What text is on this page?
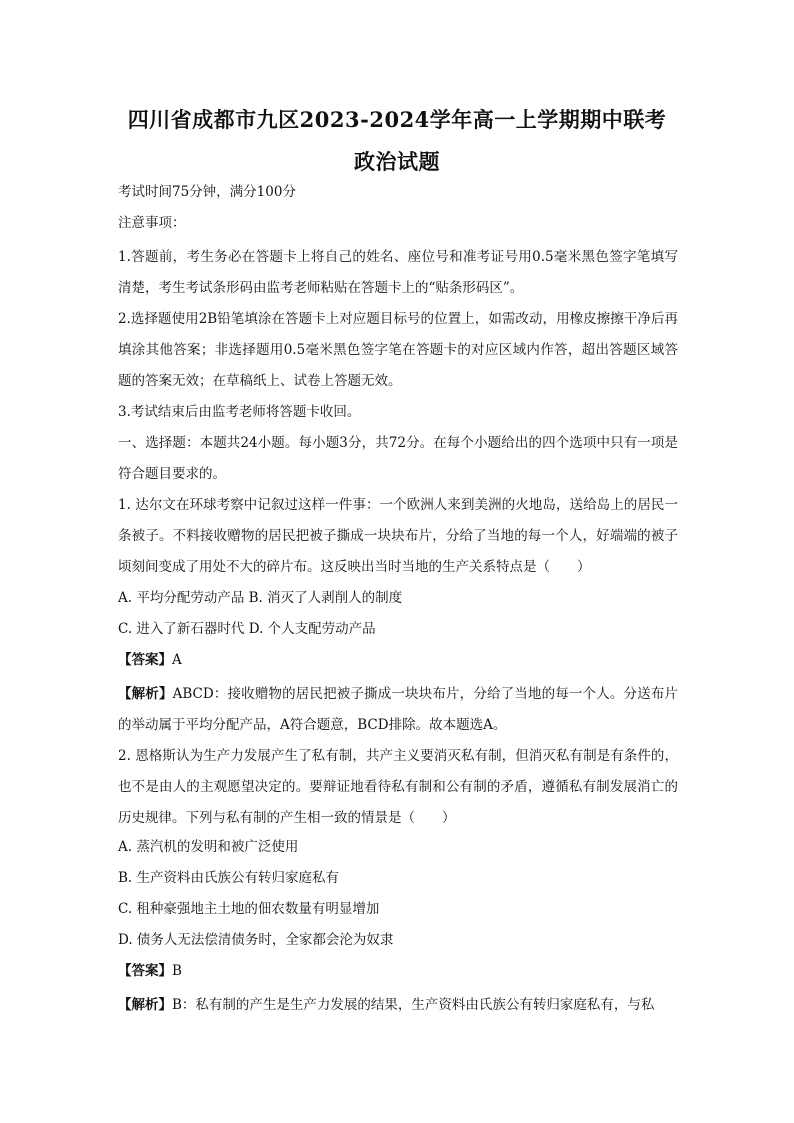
四川省成都市九区2023-2024学年高一上学期期中联考
政治试题

考试时间75分钟，满分100分

注意事项：

1.答题前，考生务必在答题卡上将自己的姓名、座位号和准考证号用0.5毫米黑色签字笔填写清楚，考生考试条形码由监考老师粘贴在答题卡上的“贴条形码区”。

2.选择题使用2B铅笔填涂在答题卡上对应题目标号的位置上，如需改动，用橡皮擦擦干净后再填涂其他答案；非选择题用0.5毫米黑色签字笔在答题卡的对应区域内作答，超出答题区域答题的答案无效；在草稿纸上、试卷上答题无效。

3.考试结束后由监考老师将答题卡收回。

一、选择题：本题共24小题。每小题3分，共72分。在每个小题给出的四个选项中只有一项是符合题目要求的。

1. 达尔文在环球考察中记叙过这样一件事：一个欧洲人来到美洲的火地岛，送给岛上的居民一条被子。不料接收赠物的居民把被子撕成一块块布片，分给了当地的每一个人，好端端的被子顷刻间变成了用处不大的碎片布。这反映出当时当地的生产关系特点是（　　）

A. 平均分配劳动产品 B. 消灭了人剥削人的制度

C. 进入了新石器时代 D. 个人支配劳动产品

【答案】A

【解析】ABCD：接收赠物的居民把被子撕成一块块布片，分给了当地的每一个人。分送布片的举动属于平均分配产品，A符合题意，BCD排除。故本题选A。

2. 恩格斯认为生产力发展产生了私有制，共产主义要消灭私有制，但消灭私有制是有条件的，也不是由人的主观愿望决定的。要辩证地看待私有制和公有制的矛盾，遵循私有制发展消亡的历史规律。下列与私有制的产生相一致的情景是（　　）

A. 蒸汽机的发明和被广泛使用

B. 生产资料由氏族公有转归家庭私有

C. 租种豪强地主土地的佃农数量有明显增加

D. 债务人无法偿清债务时，全家都会沦为奴隶

【答案】B

【解析】B：私有制的产生是生产力发展的结果，生产资料由氏族公有转归家庭私有，与私
